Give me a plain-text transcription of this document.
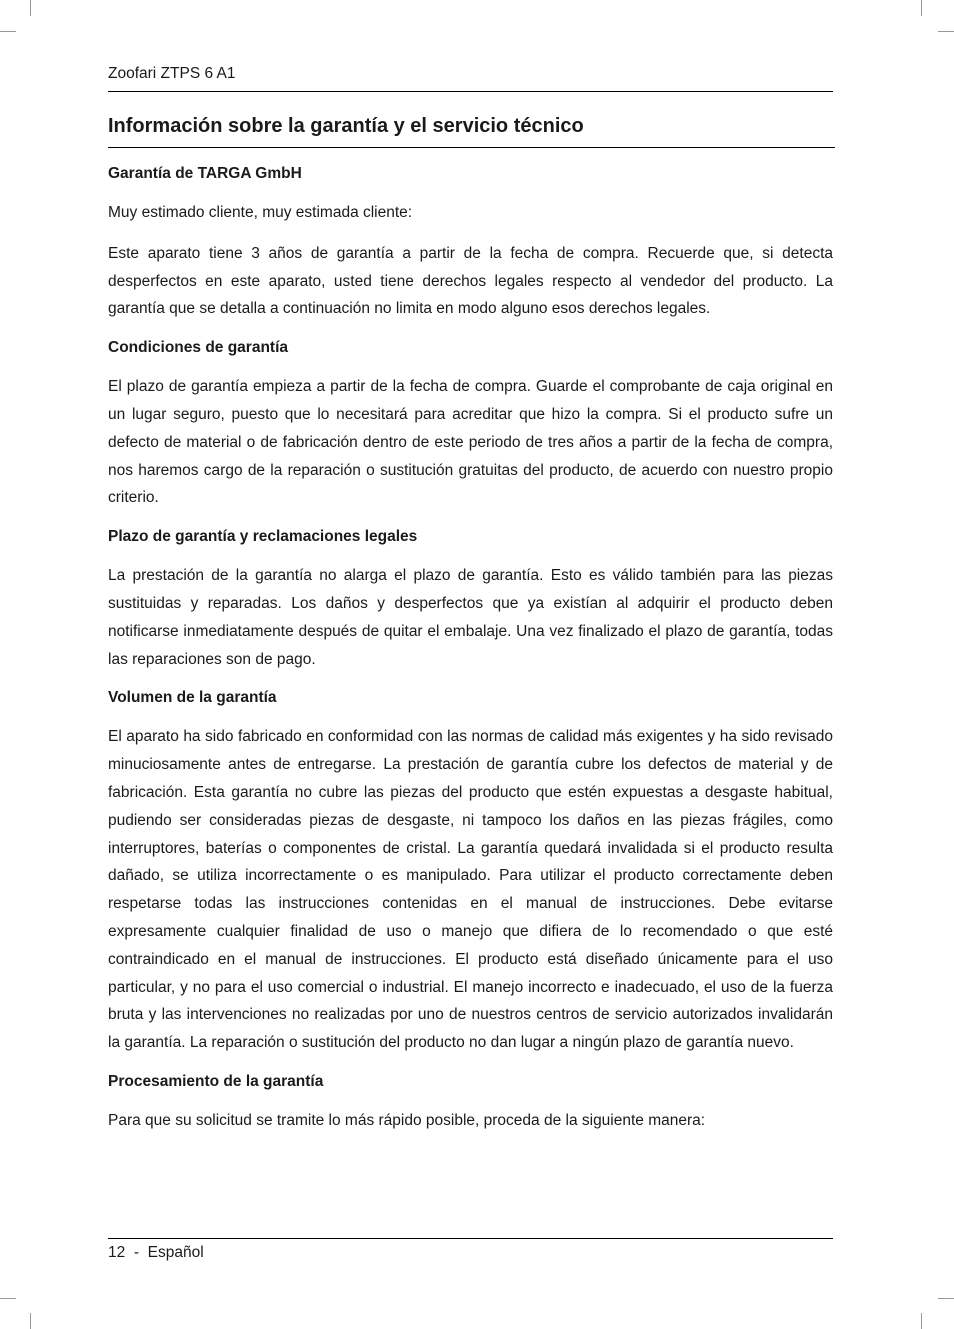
Zoofari ZTPS 6 A1
Información sobre la garantía y el servicio técnico
Garantía de TARGA GmbH

Muy estimado cliente, muy estimada cliente:

Este aparato tiene 3 años de garantía a partir de la fecha de compra. Recuerde que, si detecta desperfectos en este aparato, usted tiene derechos legales respecto al vendedor del producto. La garantía que se detalla a continuación no limita en modo alguno esos derechos legales.

Condiciones de garantía

El plazo de garantía empieza a partir de la fecha de compra. Guarde el comprobante de caja original en un lugar seguro, puesto que lo necesitará para acreditar que hizo la compra. Si el producto sufre un defecto de material o de fabricación dentro de este periodo de tres años a partir de la fecha de compra, nos haremos cargo de la reparación o sustitución gratuitas del producto, de acuerdo con nuestro propio criterio.

Plazo de garantía y reclamaciones legales

La prestación de la garantía no alarga el plazo de garantía. Esto es válido también para las piezas sustituidas y reparadas. Los daños y desperfectos que ya existían al adquirir el producto deben notificarse inmediatamente después de quitar el embalaje. Una vez finalizado el plazo de garantía, todas las reparaciones son de pago.

Volumen de la garantía

El aparato ha sido fabricado en conformidad con las normas de calidad más exigentes y ha sido revisado minuciosamente antes de entregarse. La prestación de garantía cubre los defectos de material y de fabricación. Esta garantía no cubre las piezas del producto que estén expuestas a desgaste habitual, pudiendo ser consideradas piezas de desgaste, ni tampoco los daños en las piezas frágiles, como interruptores, baterías o componentes de cristal. La garantía quedará invalidada si el producto resulta dañado, se utiliza incorrectamente o es manipulado. Para utilizar el producto correctamente deben respetarse todas las instrucciones contenidas en el manual de instrucciones. Debe evitarse expresamente cualquier finalidad de uso o manejo que difiera de lo recomendado o que esté contraindicado en el manual de instrucciones. El producto está diseñado únicamente para el uso particular, y no para el uso comercial o industrial. El manejo incorrecto e inadecuado, el uso de la fuerza bruta y las intervenciones no realizadas por uno de nuestros centros de servicio autorizados invalidarán la garantía. La reparación o sustitución del producto no dan lugar a ningún plazo de garantía nuevo.

Procesamiento de la garantía

Para que su solicitud se tramite lo más rápido posible, proceda de la siguiente manera:

12  -  Español
